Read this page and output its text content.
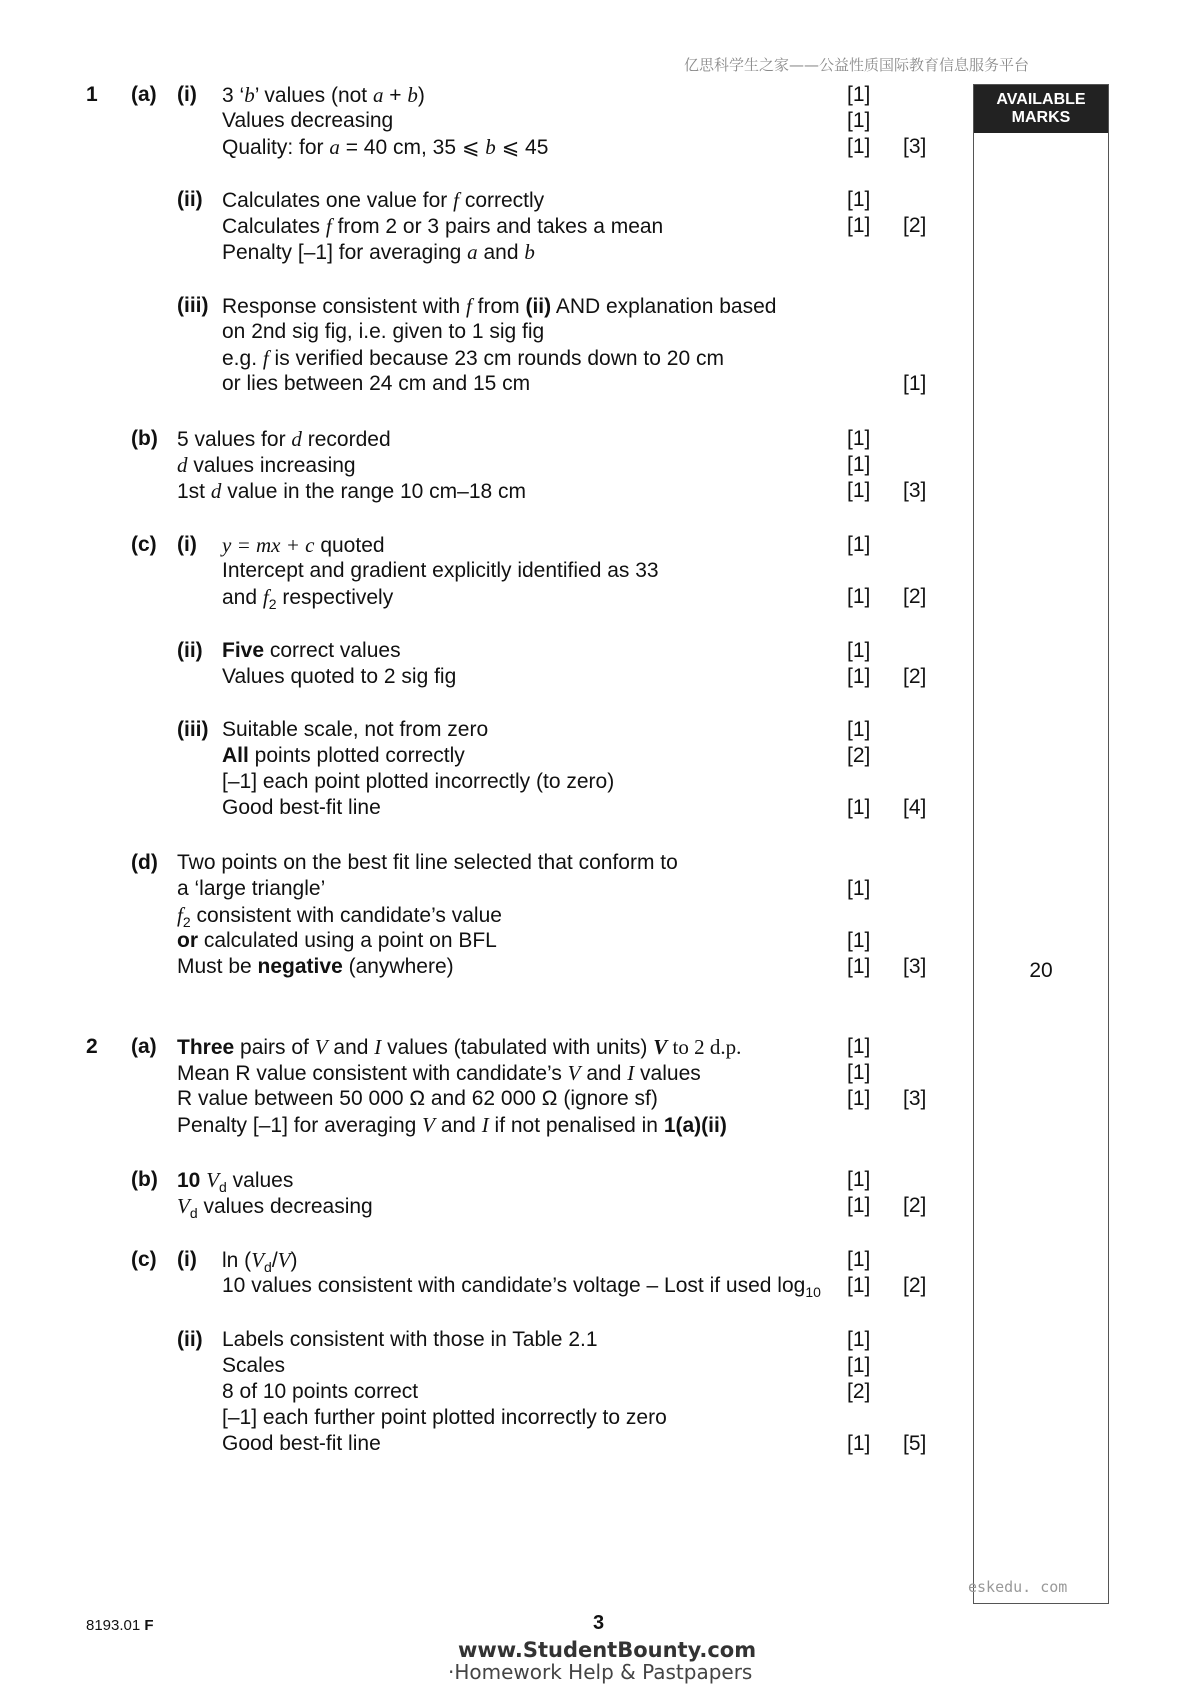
亿思科学生之家——公益性质国际教育信息服务平台
AVAILABLE
MARKS
20
1 (a) (i) 3 ‘b’ values (not a + b)	[1]
Values decreasing	[1]
Quality: for a = 40 cm, 35 ⩽ b ⩽ 45	[1] [3]
(ii) Calculates one value for f correctly	[1]
Calculates f from 2 or 3 pairs and takes a mean	[1] [2]
Penalty [–1] for averaging a and b
(iii) Response consistent with f from (ii) AND explanation based
on 2nd sig fig, i.e. given to 1 sig fig
e.g. f is verified because 23 cm rounds down to 20 cm
or lies between 24 cm and 15 cm	[1]
(b) 5 values for d recorded	[1]
d values increasing	[1]
1st d value in the range 10 cm–18 cm	[1] [3]
(c) (i) y = mx + c quoted	[1]
Intercept and gradient explicitly identified as 33
and $f_2$ respectively	[1] [2]
(ii) Five correct values	[1]
Values quoted to 2 sig fig	[1] [2]
(iii) Suitable scale, not from zero	[1]
All points plotted correctly	[2]
[–1] each point plotted incorrectly (to zero)
Good best-fit line	[1] [4]
(d) Two points on the best fit line selected that conform to
a ‘large triangle’	[1]
$f_2$ consistent with candidate’s value
or calculated using a point on BFL	[1]
Must be negative (anywhere)	[1] [3]
2 (a) Three pairs of V and I values (tabulated with units) V to 2 d.p.	[1]
Mean R value consistent with candidate’s V and I values	[1]
R value between 50 000 Ω and 62 000 Ω (ignore sf)	[1] [3]
Penalty [–1] for averaging V and I if not penalised in 1(a)(ii)
(b) 10 $V_d$ values	[1]
$V_d$ values decreasing	[1] [2]
(c) (i) $\ln (V_d/V)$	[1]
10 values consistent with candidate’s voltage – Lost if used $\log_{10} [1]$ [2]
(ii) Labels consistent with those in Table 2.1	[1]
Scales	[1]
8 of 10 points correct	[2]
[–1] each further point plotted incorrectly to zero
Good best-fit line	[1] [5]
eskedu. com
8193.01 F	3
www.StudentBounty.com
·Homework Help & Pastpapers
